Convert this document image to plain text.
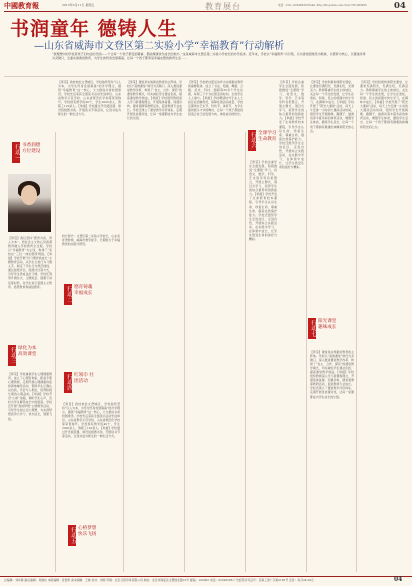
中國教育報	2013年3月11日 星期五	教育展台	电话：010—82296839 Email: http://blog.sina.com.cn/u/1701939935	04
书润童年 德铸人生
—山东省威海市文登区第二实验小学“幸福教育”行动解析
“我理想中的学校是孩子们向往的乐园——个让每一个孩子都受到尊重、都能健康快乐成长的地方。”这是威海市文登区第二实验小学校长的办学追求。近年来，学校以“幸福教育”为引领，以书香校园建设为载体，以德育为核心，以课堂改革为突破口，全面实施素质教育，为学生的终身发展奠基，让每一个孩子都享受幸福完整的教育生活……
行动一 书香润德 方位建设
行动二 德育铸魂 幸福成长
行动三 绿化为本 高效课堂
行动四 红领巾 社团活动
行动五 心桥梦想 快乐飞扬
行动六 全课学习 生命教育
行动七 阳光课堂 趣味成长
校长简介：文登区第二实验小学校长，山东省优秀教师，威海市教学能手，长期致力于幸福教育的实践与研究。
【背景】我校地处文登城区，学校始终坚持“以人为本，为学生终身发展奠基”的办学理念，围绕“幸福教育”这一核心，大力推进书香校园建设。学校先后荣获全国读书活动先进单位、山东省教学示范学校、山东省规范化学校等荣誉称号。学校现有教学班40个，学生2000余人，教职工120余人。【举措】学校通过开设阅读课、建设班级图书角、开展读书节等活动，让读书成为师生的一种生活方式。
【背景】我们坚持“德育为首、育人为本”，把社会主义核心价值观教育融入学校教育全过程。学校以“幸福教育”为主线，构建了“家校社”三位一体的德育网络。【举措】学校开展“好习惯伴我成长”主题教育活动，从学生日常行为习惯入手，制定了学生行为规范细则，通过星级评比、班级评比等方式，引导学生养成良好习惯。学校还利用升旗仪式、主题班会、国旗下讲话等时机，对学生进行爱国主义教育、感恩教育和诚信教育。
【背景】课堂是实施素质教育的主阵地。学校以“高效课堂”建设为突破口，深入推进课堂教学改革，构建了“自主、合作、探究”的课堂教学模式，切实减轻学生课业负担，提高课堂教学效益。【举措】学校组织教师深入学习新课程理念，开展集体备课、同课异构、课堂观摩等教研活动，促进教师专业成长。学校还建立了课堂教学评价体系，定期开展优质课评选，让每一堂课都成为学生成长的乐园。
【背景】学校把社团活动作为实施素质教育的重要载体，成立了书法、绘画、舞蹈、合唱、武术、科技、围棋等30多个学生社团，每周三下午为社团活动时间，全校学生人人参与。【举措】学校聘请校外专业人士担任社团辅导员，保障社团活动质量。学校定期举办艺术节、科技节、体育节，为学生提供展示才华的舞台，让每一个孩子都能找到适合自己的发展方向，体验成功的快乐。
【背景】学校重视学生心理健康教育，成立了心理咨询室，配备专职心理教师，定期开展心理健康讲座和团体辅导活动，帮助学生正确认识自我，学会与人相处，培养积极乐观的心理品质。【举措】学校开设“心桥”信箱，倾听学生心声，及时为学生解答成长中的困惑。学校还开展“我的梦想”主题教育活动，引导学生树立远大理想，为实现梦想而努力学习，快乐成长，展翅飞扬。
【背景】我校地处文登城区，学校始终坚持“以人为本，为学生终身发展奠基”的办学理念，围绕“幸福教育”这一核心，大力推进书香校园建设。学校先后荣获全国读书活动先进单位、山东省教学示范学校、山东省规范化学校等荣誉称号。学校现有教学班40个，学生2000余人，教职工120余人。【举措】学校通过开设阅读课、建设班级图书角、开展读书节等活动，让读书成为师生的一种生活方式。
【背景】学校注重学生全面发展，积极推进“全课程”学习，将语文、数学、科学、艺术等学科有机整合，开展主题式、项目式学习，培养学生的综合素养和创新能力。【举措】学校开发了生命教育校本课程，引导学生认识生命、珍爱生命、尊重生命，提高自我保护能力。学校还组织学生走进社区、走进自然，开展综合实践活动，在实践中学习，在体验中成长，让学生感受生命的美好与精彩。
【背景】学校注重学生全面发展，积极推进“全课程”学习，将语文、数学、科学、艺术等学科有机整合，开展主题式、项目式学习，培养学生的综合素养和创新能力。【举措】学校开发了生命教育校本课程，引导学生认识生命、珍爱生命、尊重生命，提高自我保护能力。学校还组织学生走进社区、走进自然，开展综合实践活动，在实践中学习，在体验中成长，让学生感受生命的美好与精彩。
【背景】学校积极构建阳光课堂，让课堂充满阳光，充满生机，充满活力。教师尊重学生的主体地位，关注每一个学生的发展，让学生在宽松、和谐、民主的氛围中快乐学习，在趣味中成长。【举措】学校开展了“阳光大课间”活动，每天上午安排一小时的大课间活动时间，组织学生开展跳绳、踢毽子、做游戏等丰富多彩的体育活动，增强学生体质，磨练学生意志，让每一个孩子都拥有健康的体魄和阳光的心态。
【背景】课堂是实施素质教育的主阵地。学校以“高效课堂”建设为突破口，深入推进课堂教学改革，构建了“自主、合作、探究”的课堂教学模式，切实减轻学生课业负担，提高课堂教学效益。【举措】学校组织教师深入学习新课程理念，开展集体备课、同课异构、课堂观摩等教研活动，促进教师专业成长。学校还建立了课堂教学评价体系，定期开展优质课评选，让每一堂课都成为学生成长的乐园。
【背景】学校积极构建阳光课堂，让课堂充满阳光，充满生机，充满活力。教师尊重学生的主体地位，关注每一个学生的发展，让学生在宽松、和谐、民主的氛围中快乐学习，在趣味中成长。【举措】学校开展了“阳光大课间”活动，每天上午安排一小时的大课间活动时间，组织学生开展跳绳、踢毽子、做游戏等丰富多彩的体育活动，增强学生体质，磨练学生意志，让每一个孩子都拥有健康的体魄和阳光的心态。
总编辑：刘华蓉 副总编辑：肖继东 本版编辑：张贵勇 美术编辑：王晓 校对：刘婷 印刷：北京日报印务有限公司 地址：北京市海淀区文慧园北路10号 邮编：100082 电话：82296588 广告经营许可证号：京海工商广字第0185号 定价：每月24.00元	04
